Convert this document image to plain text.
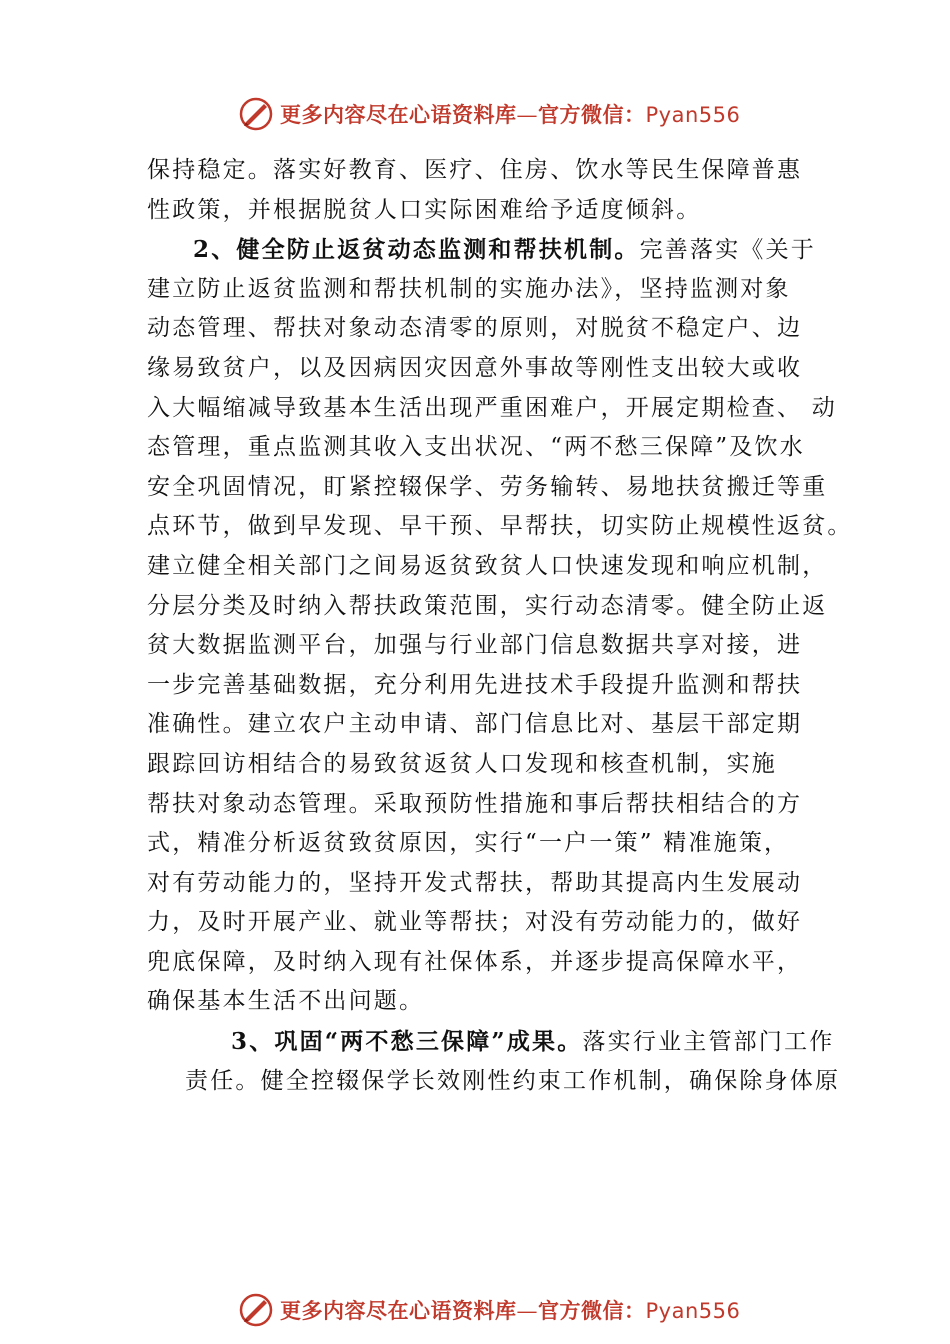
更多内容尽在心语资料库—官方微信：Pyan556
保持稳定。落实好教育、医疗、住房、饮水等民生保障普惠
性政策，并根据脱贫人口实际困难给予适度倾斜。
2、健全防止返贫动态监测和帮扶机制。完善落实《关于
建立防止返贫监测和帮扶机制的实施办法》，坚持监测对象
动态管理、帮扶对象动态清零的原则，对脱贫不稳定户、边
缘易致贫户，以及因病因灾因意外事故等刚性支出较大或收
入大幅缩减导致基本生活出现严重困难户，开展定期检查、 动
态管理，重点监测其收入支出状况、“两不愁三保障”及饮水
安全巩固情况，盯紧控辍保学、劳务输转、易地扶贫搬迁等重
点环节，做到早发现、早干预、早帮扶，切实防止规模性返贫。
建立健全相关部门之间易返贫致贫人口快速发现和响应机制，
分层分类及时纳入帮扶政策范围，实行动态清零。健全防止返
贫大数据监测平台，加强与行业部门信息数据共享对接，进
一步完善基础数据，充分利用先进技术手段提升监测和帮扶
准确性。建立农户主动申请、部门信息比对、基层干部定期
跟踪回访相结合的易致贫返贫人口发现和核查机制，实施
帮扶对象动态管理。采取预防性措施和事后帮扶相结合的方
式，精准分析返贫致贫原因，实行“一户一策” 精准施策，
对有劳动能力的，坚持开发式帮扶，帮助其提高内生发展动
力，及时开展产业、就业等帮扶；对没有劳动能力的，做好
兜底保障，及时纳入现有社保体系，并逐步提高保障水平，
确保基本生活不出问题。
3、巩固“两不愁三保障”成果。落实行业主管部门工作
责任。健全控辍保学长效刚性约束工作机制，确保除身体原
更多内容尽在心语资料库—官方微信：Pyan556
